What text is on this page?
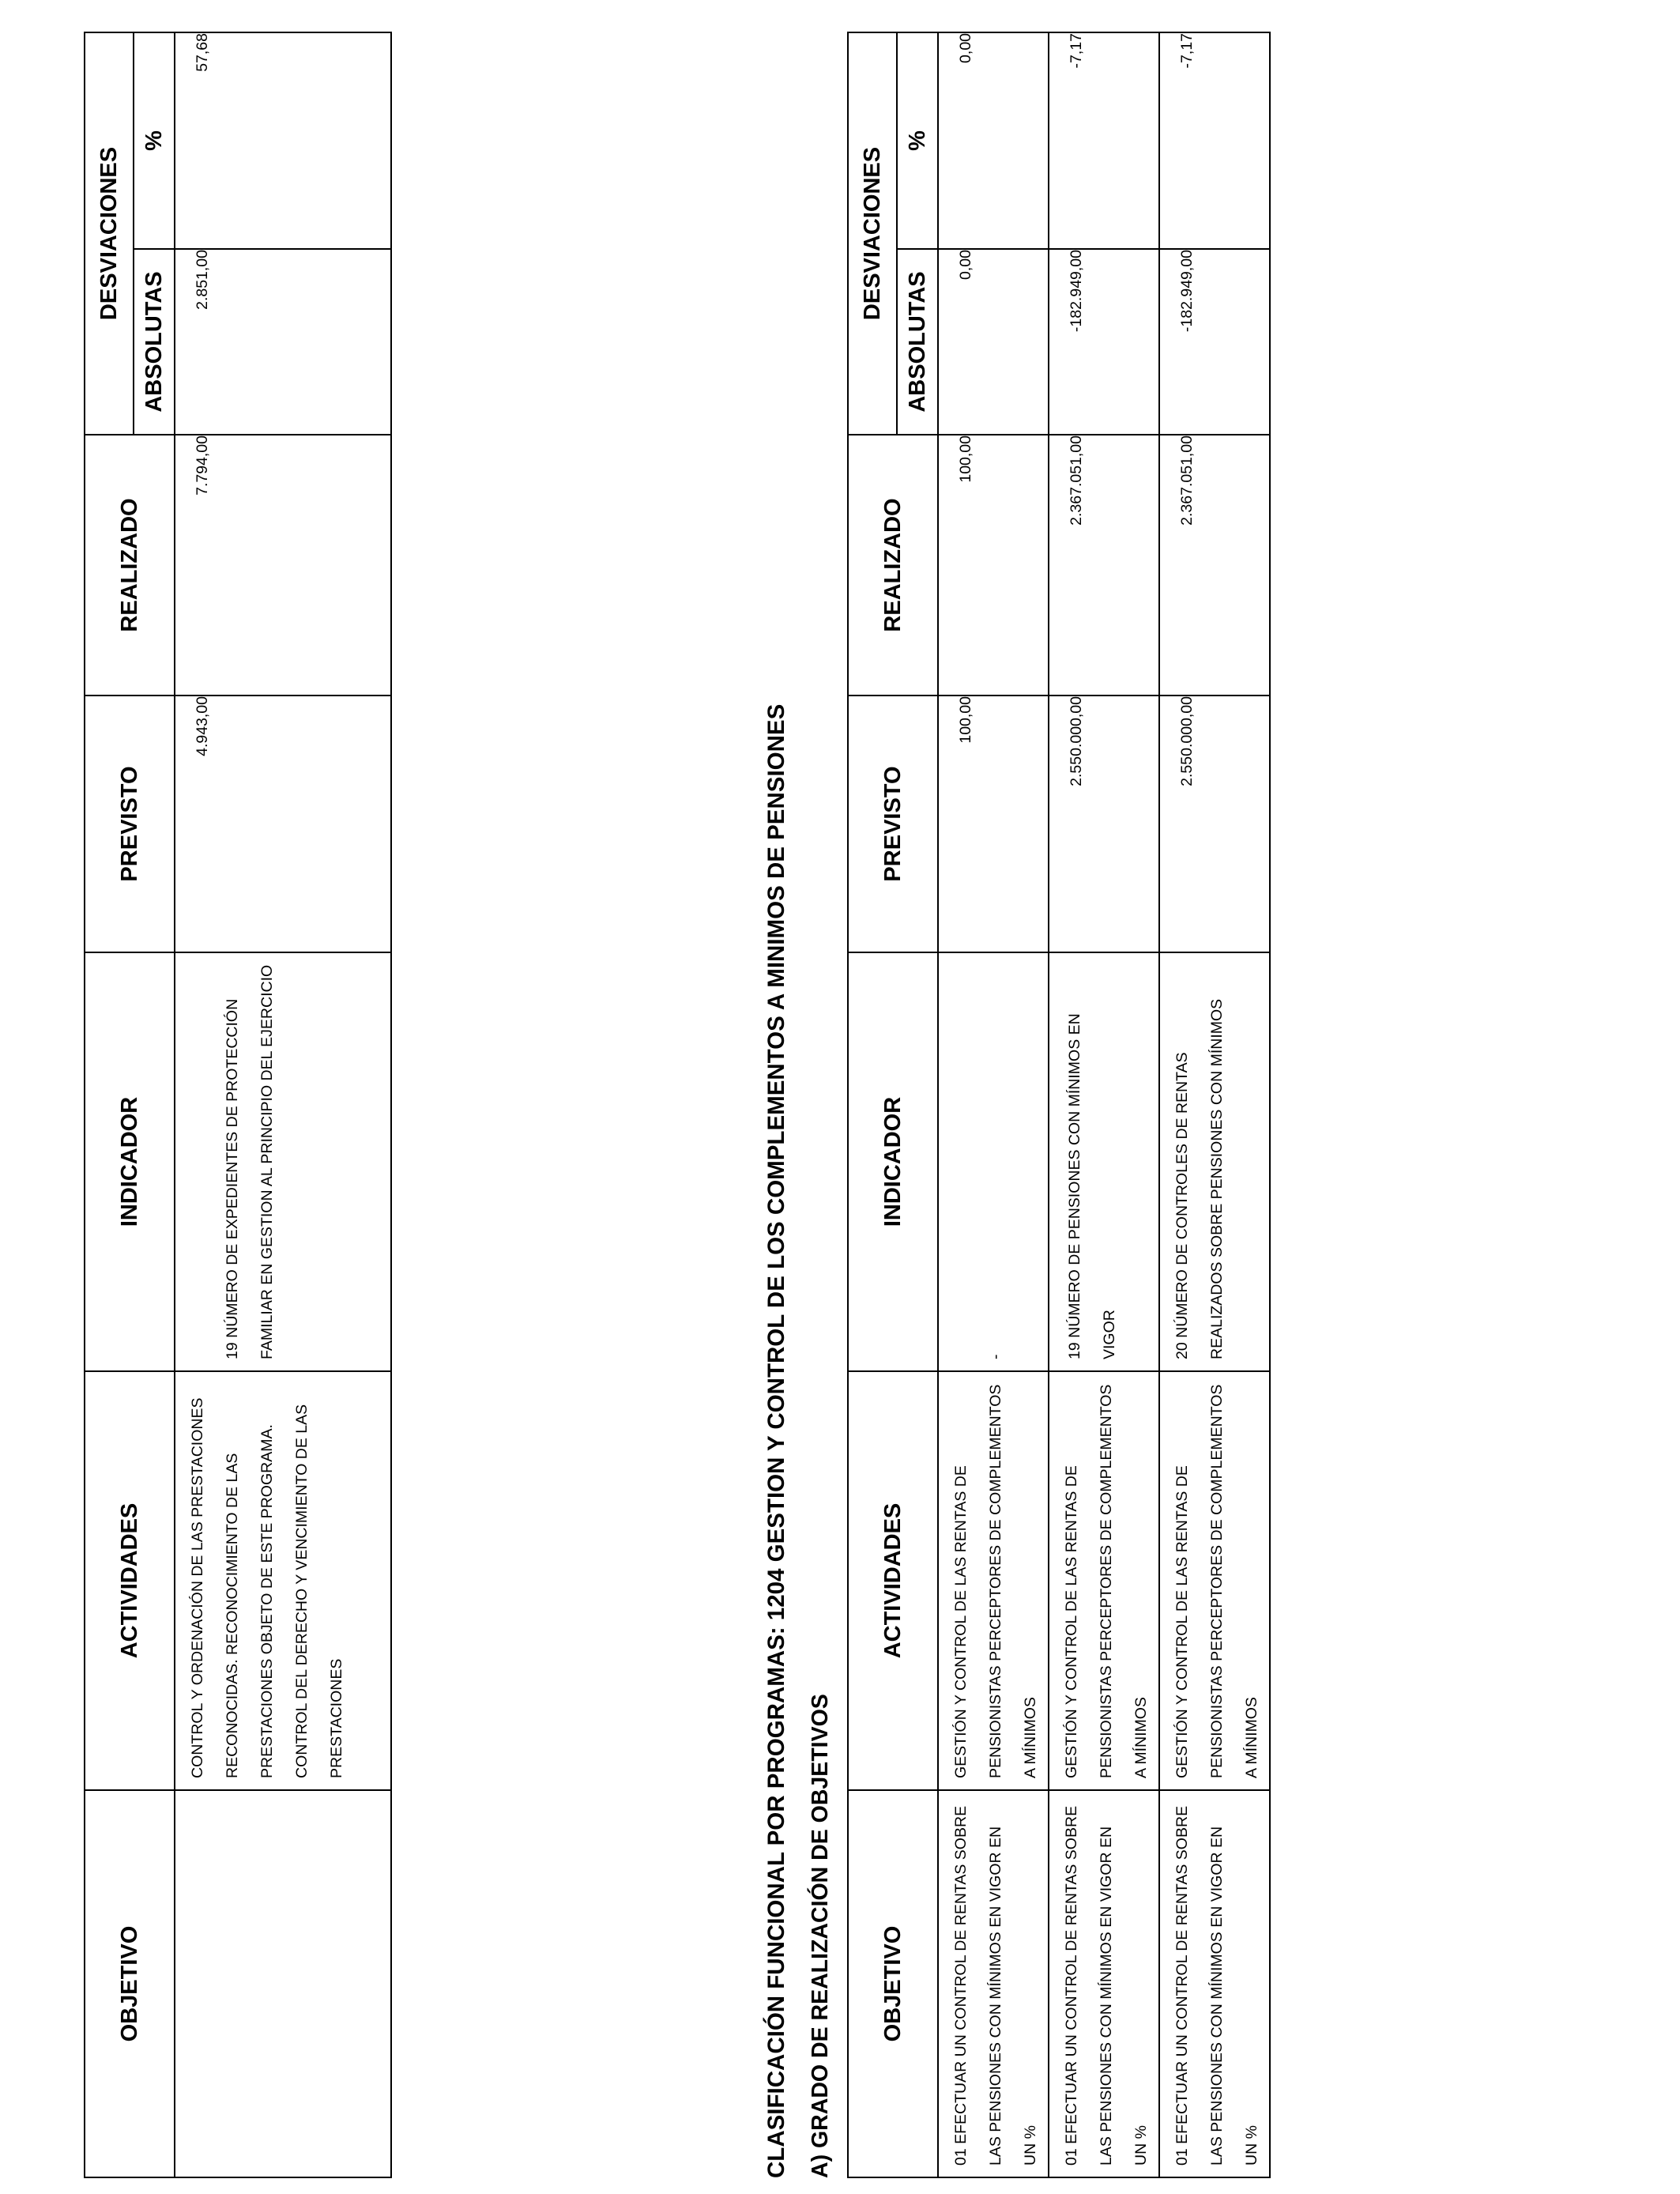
OBJETIVO	ACTIVIDADES	INDICADOR	PREVISTO	REALIZADO	DESVIACIONES	
					ABSOLUTAS	%

	CONTROL Y ORDENACIÓN DE LAS PRESTACIONES RECONOCIDAS. RECONOCIMIENTO DE LAS PRESTACIONES OBJETO DE ESTE PROGRAMA. CONTROL DEL DERECHO Y VENCIMIENTO DE LAS PRESTACIONES	19 NÚMERO DE EXPEDIENTES DE PROTECCIÓN FAMILIAR EN GESTION AL PRINCIPIO DEL EJERCICIO	4.943,00	7.794,00	2.851,00	57,68
CLASIFICACIÓN FUNCIONAL POR PROGRAMAS: 1204 GESTION Y CONTROL DE LOS COMPLEMENTOS A MINIMOS DE PENSIONES A) GRADO DE REALIZACIÓN DE OBJETIVOS OBJETIVO	ACTIVIDADES	INDICADOR	PREVISTO	REALIZADO	DESVIACIONES	
					ABSOLUTAS	%

01 EFECTUAR UN CONTROL DE RENTAS SOBRE LAS PENSIONES CON MÍNIMOS EN VIGOR EN UN %	GESTIÓN Y CONTROL DE LAS RENTAS DE PENSIONISTAS PERCEPTORES DE COMPLEMENTOS A MÍNIMOS	-	100,00	100,00	0,00	0,00

01 EFECTUAR UN CONTROL DE RENTAS SOBRE LAS PENSIONES CON MÍNIMOS EN VIGOR EN UN %	GESTIÓN Y CONTROL DE LAS RENTAS DE PENSIONISTAS PERCEPTORES DE COMPLEMENTOS A MÍNIMOS	19 NÚMERO DE PENSIONES CON MÍNIMOS EN VIGOR	2.550.000,00	2.367.051,00	-182.949,00	-7,17

01 EFECTUAR UN CONTROL DE RENTAS SOBRE LAS PENSIONES CON MÍNIMOS EN VIGOR EN UN %	GESTIÓN Y CONTROL DE LAS RENTAS DE PENSIONISTAS PERCEPTORES DE COMPLEMENTOS A MÍNIMOS	20 NÚMERO DE CONTROLES DE RENTAS REALIZADOS SOBRE PENSIONES CON MÍNIMOS	2.550.000,00	2.367.051,00	-182.949,00	-7,17
